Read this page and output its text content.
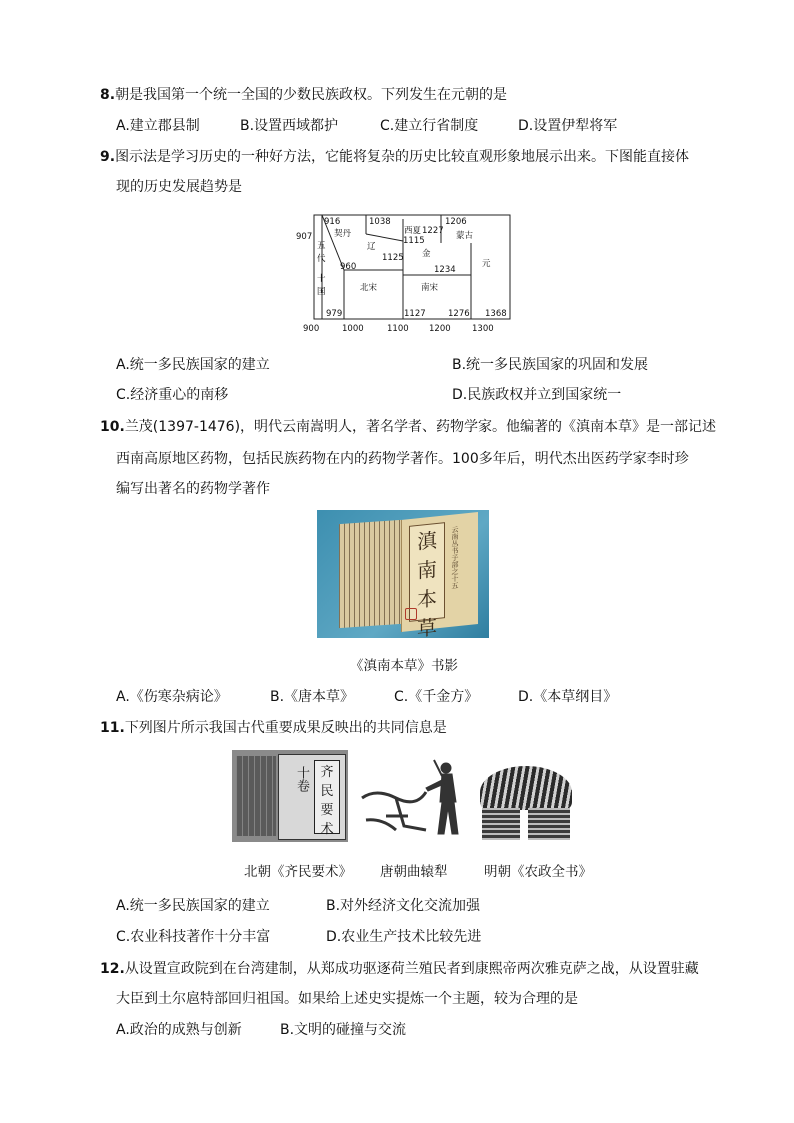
8.朝是我国第一个统一全国的少数民族政权。下列发生在元朝的是
A.建立郡县制	B.设置西域都护	C.建立行省制度	D.设置伊犁将军
9.图示法是学习历史的一种好方法，它能将复杂的历史比较直观形象地展示出来。下图能直接体
现的历史发展趋势是
907
916
契丹
1038	1206
西夏 1227 蒙古
1115
五
代
辽
金
元
1125
960	1234
十
国	北宋	南宋
979	1127	1276 1368
900	1000	1100 1200	1300
A.统一多民族国家的建立	B.统一多民族国家的巩固和发展
C.经济重心的南移	D.民族政权并立到国家统一
10.兰茂(1397-1476)，明代云南嵩明人，著名学者、药物学家。他编著的《滇南本草》是一部记述
西南高原地区药物，包括民族药物在内的药物学著作。100多年后，明代杰出医药学家李时珍
编写出著名的药物学著作
滇
南
本
草
云南丛书子部之十五
《滇南本草》书影
A.《伤寒杂病论》	B.《唐本草》	C.《千金方》	D.《本草纲目》
11.下列图片所示我国古代重要成果反映出的共同信息是
齐
民
要
术
十卷
北朝《齐民要术》 唐朝曲辕犁	明朝《农政全书》
A.统一多民族国家的建立	B.对外经济文化交流加强
C.农业科技著作十分丰富	D.农业生产技术比较先进
12.从设置宣政院到在台湾建制，从郑成功驱逐荷兰殖民者到康熙帝两次雅克萨之战，从设置驻藏
大臣到土尔扈特部回归祖国。如果给上述史实提炼一个主题，较为合理的是
A.政治的成熟与创新	B.文明的碰撞与交流
